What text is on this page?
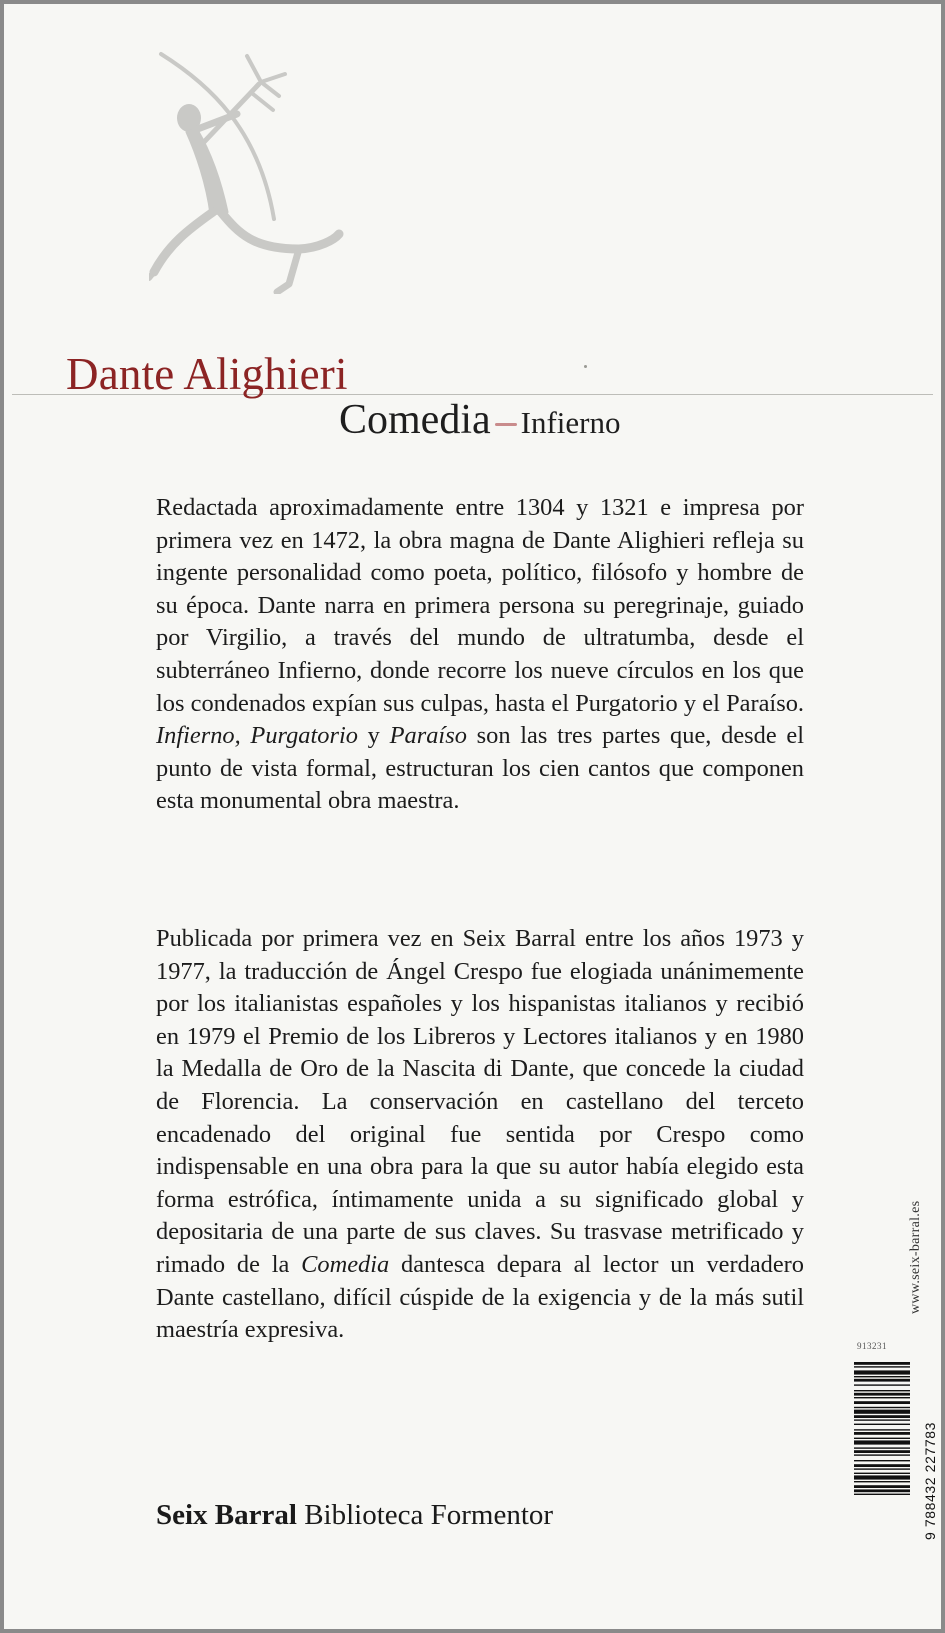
Dante Alighieri
Comedia Infierno

Redactada aproximadamente entre 1304 y 1321 e impresa por primera vez en 1472, la obra magna de Dante Alighieri refleja su ingente personalidad como poeta, político, filósofo y hombre de su época. Dante narra en primera persona su peregrinaje, guiado por Virgilio, a través del mundo de ultratumba, desde el subterráneo Infierno, donde recorre los nueve círculos en los que los condenados expían sus culpas, hasta el Purgatorio y el Paraíso. Infierno, Purgatorio y Paraíso son las tres partes que, desde el punto de vista formal, estructuran los cien cantos que componen esta monumental obra maestra.

Publicada por primera vez en Seix Barral entre los años 1973 y 1977, la traducción de Ángel Crespo fue elogiada unánimemente por los italianistas españoles y los hispanistas italianos y recibió en 1979 el Premio de los Libreros y Lectores italianos y en 1980 la Medalla de Oro de la Nascita di Dante, que concede la ciudad de Florencia. La conservación en castellano del terceto encadenado del original fue sentida por Crespo como indispensable en una obra para la que su autor había elegido esta forma estrófica, íntimamente unida a su significado global y depositaria de una parte de sus claves. Su trasvase metrificado y rimado de la Comedia dantesca depara al lector un verdadero Dante castellano, difícil cúspide de la exigencia y de la más sutil maestría expresiva.

www.seix-barral.es
913231
9 788432 227783
Seix Barral Biblioteca Formentor
